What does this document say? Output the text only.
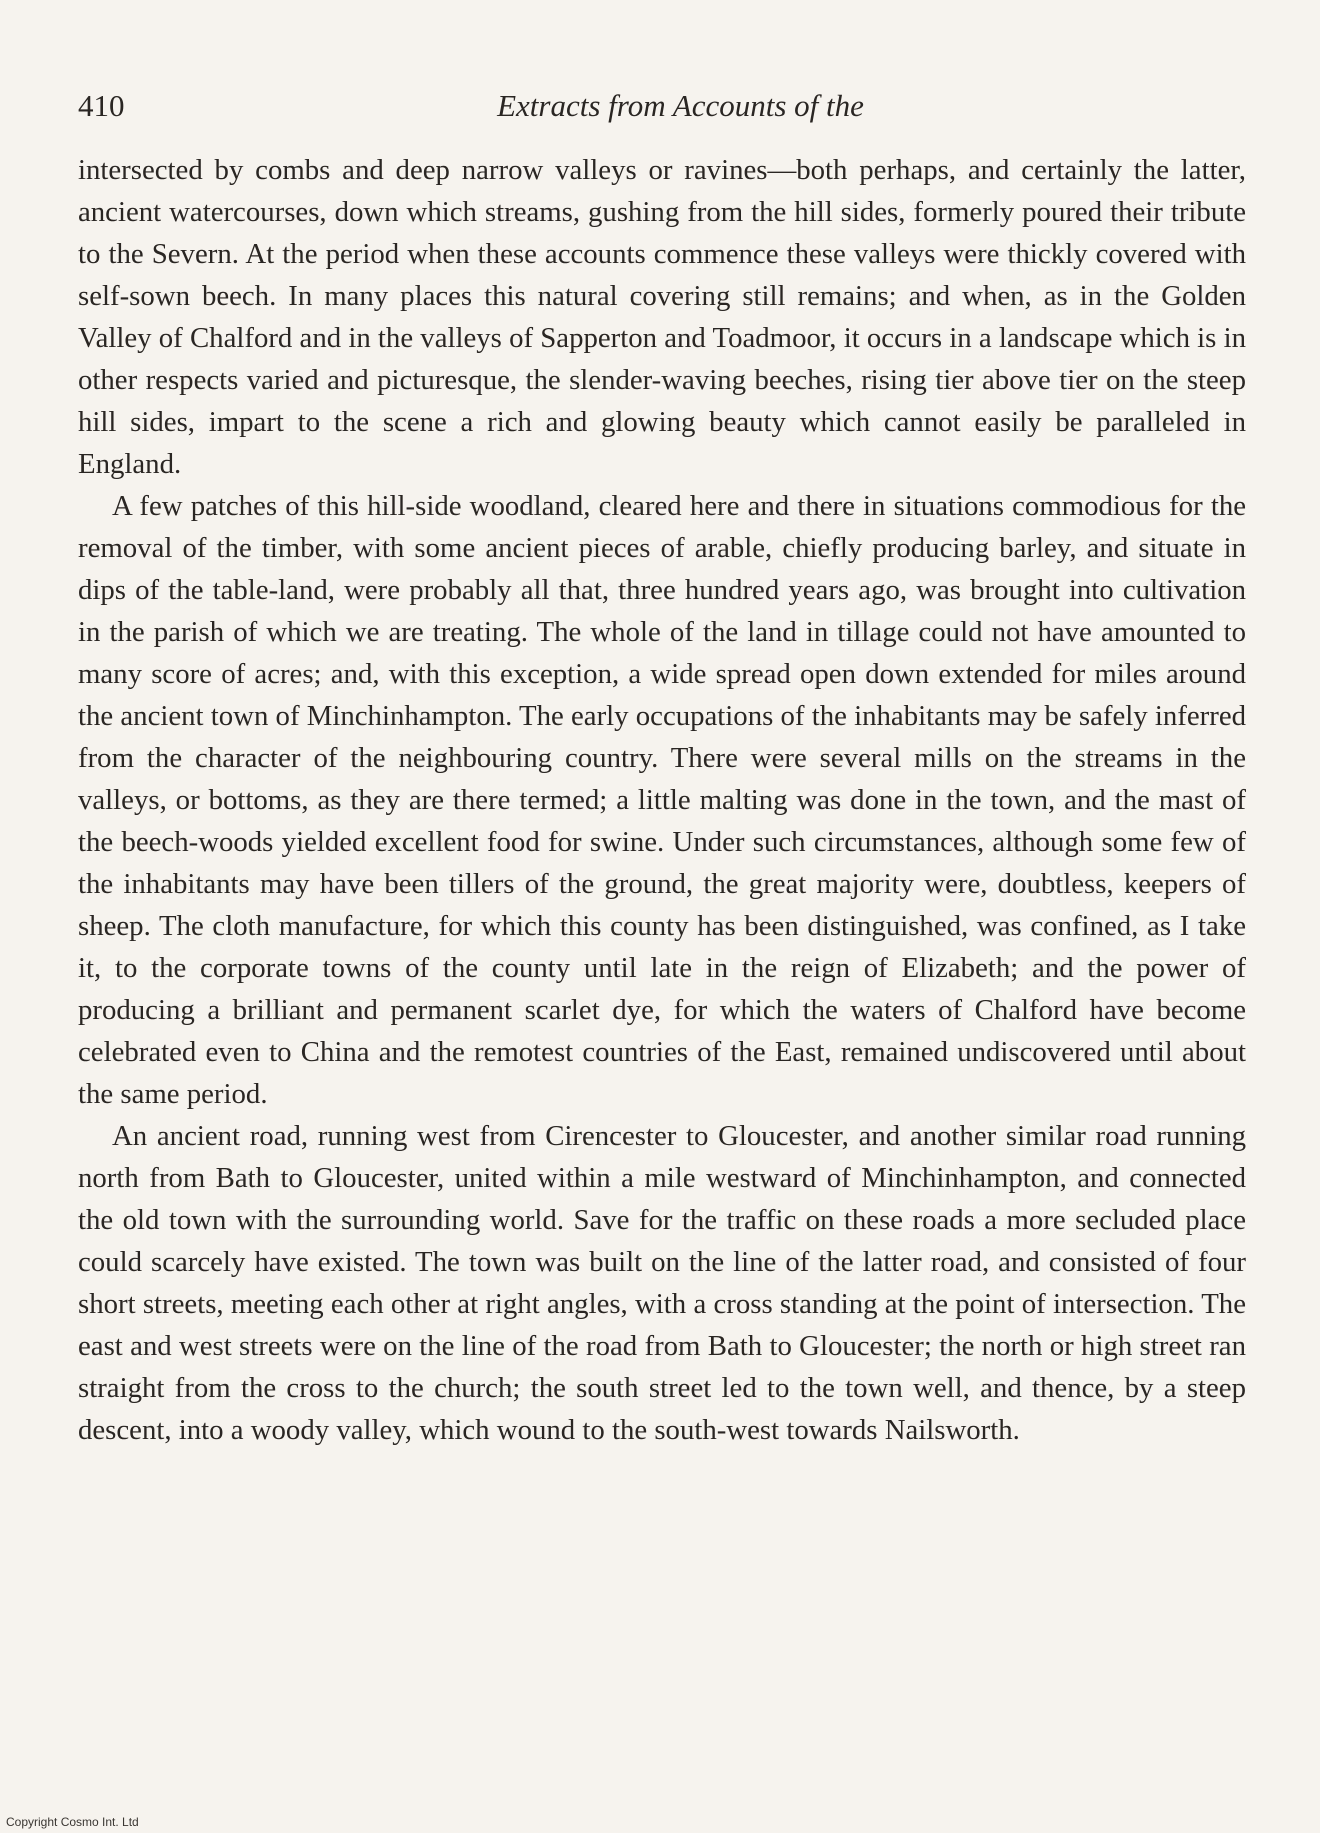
410	Extracts from Accounts of the

intersected by combs and deep narrow valleys or ravines—both perhaps, and certainly the latter, ancient watercourses, down which streams, gushing from the hill sides, formerly poured their tribute to the Severn. At the period when these accounts commence these valleys were thickly covered with self-sown beech. In many places this natural covering still remains; and when, as in the Golden Valley of Chalford and in the valleys of Sapperton and Toadmoor, it occurs in a landscape which is in other respects varied and picturesque, the slender-waving beeches, rising tier above tier on the steep hill sides, impart to the scene a rich and glowing beauty which cannot easily be paralleled in England.

A few patches of this hill-side woodland, cleared here and there in situations commodious for the removal of the timber, with some ancient pieces of arable, chiefly producing barley, and situate in dips of the table-land, were probably all that, three hundred years ago, was brought into cultivation in the parish of which we are treating. The whole of the land in tillage could not have amounted to many score of acres; and, with this exception, a wide spread open down extended for miles around the ancient town of Minchinhampton. The early occupations of the inhabitants may be safely inferred from the character of the neighbouring country. There were several mills on the streams in the valleys, or bottoms, as they are there termed; a little malting was done in the town, and the mast of the beech-woods yielded excellent food for swine. Under such circumstances, although some few of the inhabitants may have been tillers of the ground, the great majority were, doubtless, keepers of sheep. The cloth manufacture, for which this county has been distinguished, was confined, as I take it, to the corporate towns of the county until late in the reign of Elizabeth; and the power of producing a brilliant and permanent scarlet dye, for which the waters of Chalford have become celebrated even to China and the remotest countries of the East, remained undiscovered until about the same period.

An ancient road, running west from Cirencester to Gloucester, and another similar road running north from Bath to Gloucester, united within a mile westward of Minchinhampton, and connected the old town with the surrounding world. Save for the traffic on these roads a more secluded place could scarcely have existed. The town was built on the line of the latter road, and consisted of four short streets, meeting each other at right angles, with a cross standing at the point of intersection. The east and west streets were on the line of the road from Bath to Gloucester; the north or high street ran straight from the cross to the church; the south street led to the town well, and thence, by a steep descent, into a woody valley, which wound to the south-west towards Nailsworth.

Copyright Cosmo Int. Ltd
